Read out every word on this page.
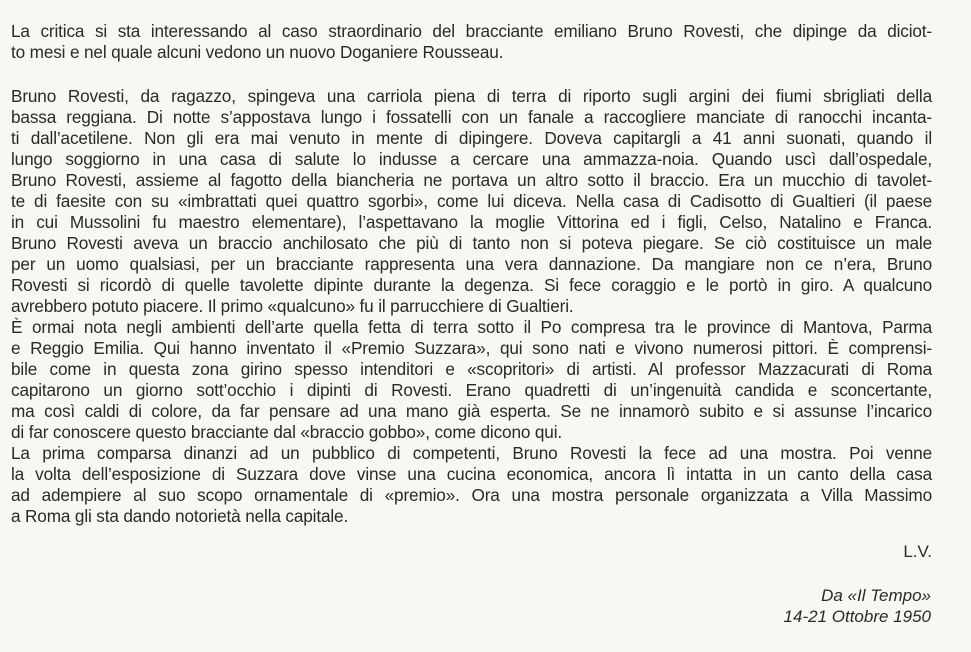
La critica si sta interessando al caso straordinario del bracciante emiliano Bruno Rovesti, che dipinge da diciot-
to mesi e nel quale alcuni vedono un nuovo Doganiere Rousseau.
Bruno Rovesti, da ragazzo, spingeva una carriola piena di terra di riporto sugli argini dei fiumi sbrigliati della
bassa reggiana. Di notte s’appostava lungo i fossatelli con un fanale a raccogliere manciate di ranocchi incanta-
ti dall’acetilene. Non gli era mai venuto in mente di dipingere. Doveva capitargli a 41 anni suonati, quando il
lungo soggiorno in una casa di salute lo indusse a cercare una ammazza-noia. Quando uscì dall’ospedale,
Bruno Rovesti, assieme al fagotto della biancheria ne portava un altro sotto il braccio. Era un mucchio di tavolet-
te di faesite con su «imbrattati quei quattro sgorbi», come lui diceva. Nella casa di Cadisotto di Gualtieri (il paese
in cui Mussolini fu maestro elementare), l’aspettavano la moglie Vittorina ed i figli, Celso, Natalino e Franca.
Bruno Rovesti aveva un braccio anchilosato che più di tanto non si poteva piegare. Se ciò costituisce un male
per un uomo qualsiasi, per un bracciante rappresenta una vera dannazione. Da mangiare non ce n’era, Bruno
Rovesti si ricordò di quelle tavolette dipinte durante la degenza. Si fece coraggio e le portò in giro. A qualcuno
avrebbero potuto piacere. Il primo «qualcuno» fu il parrucchiere di Gualtieri.
È ormai nota negli ambienti dell’arte quella fetta di terra sotto il Po compresa tra le province di Mantova, Parma
e Reggio Emilia. Qui hanno inventato il «Premio Suzzara», qui sono nati e vivono numerosi pittori. È comprensi-
bile come in questa zona girino spesso intenditori e «scopritori» di artisti. Al professor Mazzacurati di Roma
capitarono un giorno sott’occhio i dipinti di Rovesti. Erano quadretti di un’ingenuità candida e sconcertante,
ma così caldi di colore, da far pensare ad una mano già esperta. Se ne innamorò subito e si assunse l’incarico
di far conoscere questo bracciante dal «braccio gobbo», come dicono qui.
La prima comparsa dinanzi ad un pubblico di competenti, Bruno Rovesti la fece ad una mostra. Poi venne
la volta dell’esposizione di Suzzara dove vinse una cucina economica, ancora lì intatta in un canto della casa
ad adempiere al suo scopo ornamentale di «premio». Ora una mostra personale organizzata a Villa Massimo
a Roma gli sta dando notorietà nella capitale.
L.V.
Da «Il Tempo»
14-21 Ottobre 1950
